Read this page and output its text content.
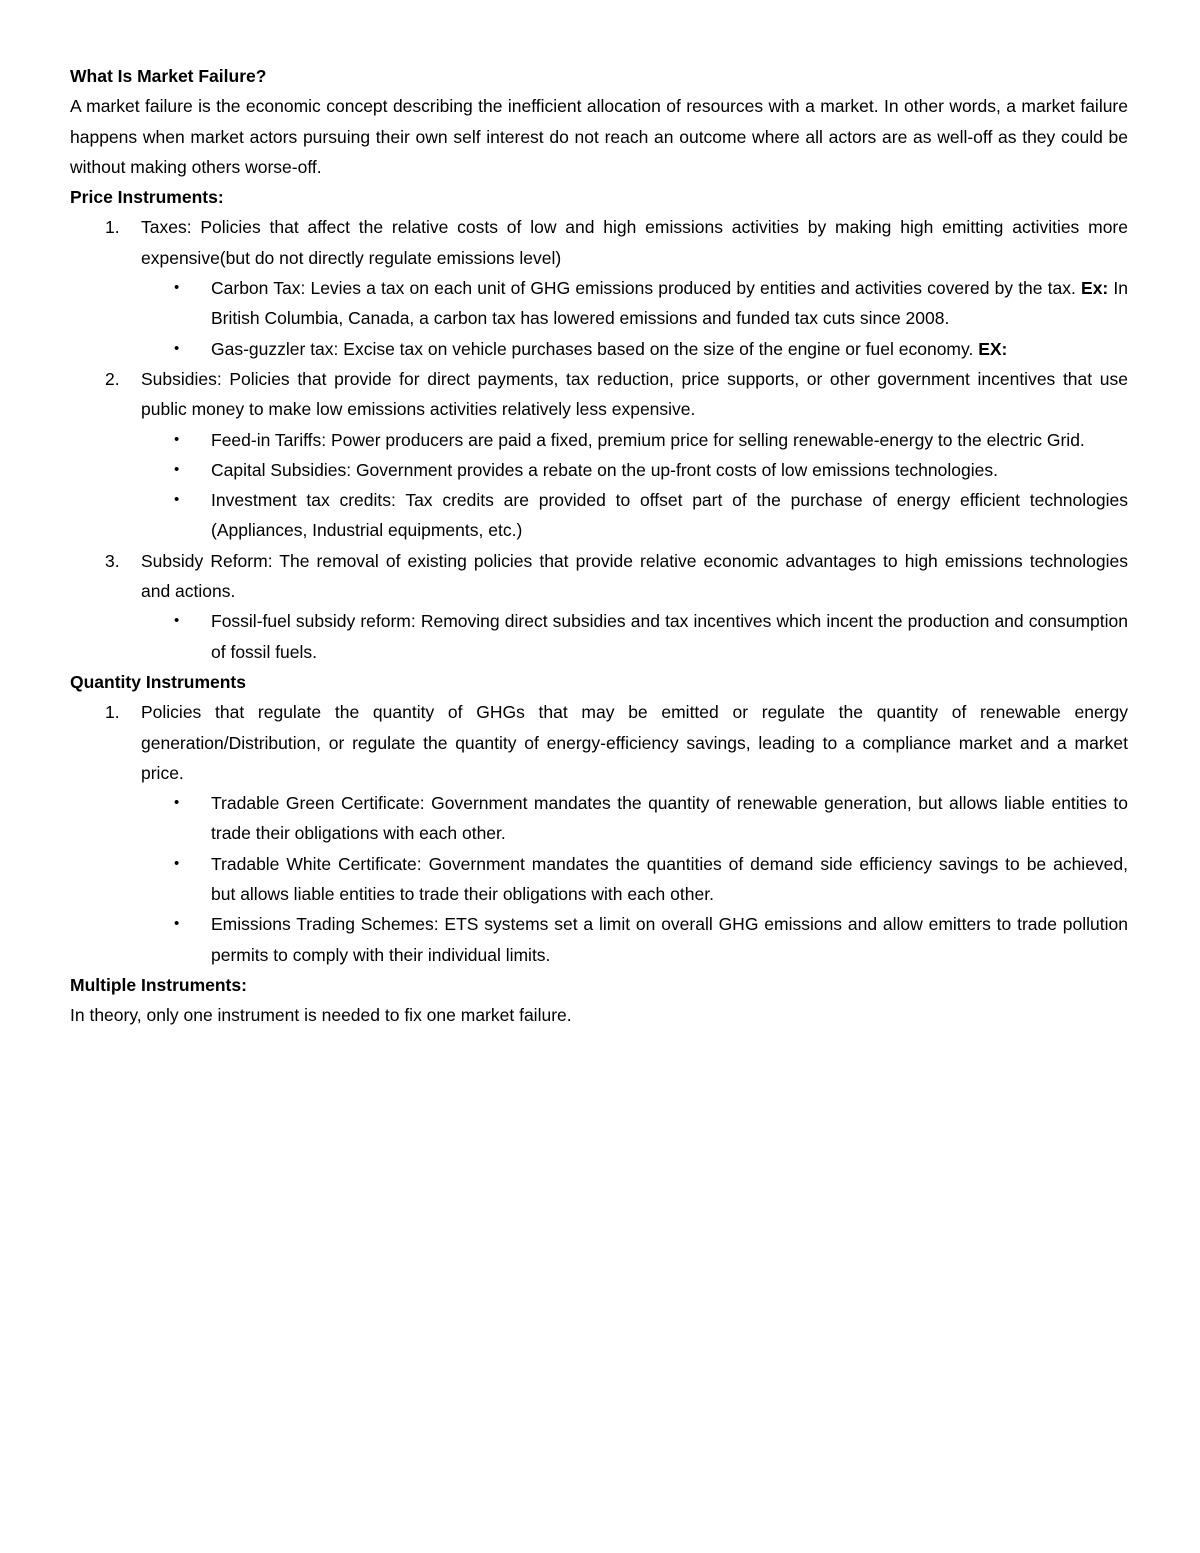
What Is Market Failure?

A market failure is the economic concept describing the inefficient allocation of resources with a market. In other words, a market failure happens when market actors pursuing their own self interest do not reach an outcome where all actors are as well-off as they could be without making others worse-off.

Price Instruments:

1. Taxes: Policies that affect the relative costs of low and high emissions activities by making high emitting activities more expensive(but do not directly regulate emissions level)
• Carbon Tax: Levies a tax on each unit of GHG emissions produced by entities and activities covered by the tax. Ex: In British Columbia, Canada, a carbon tax has lowered emissions and funded tax cuts since 2008.
• Gas-guzzler tax: Excise tax on vehicle purchases based on the size of the engine or fuel economy. EX:
2. Subsidies: Policies that provide for direct payments, tax reduction, price supports, or other government incentives that use public money to make low emissions activities relatively less expensive.
• Feed-in Tariffs: Power producers are paid a fixed, premium price for selling renewable-energy to the electric Grid.
• Capital Subsidies: Government provides a rebate on the up-front costs of low emissions technologies.
• Investment tax credits: Tax credits are provided to offset part of the purchase of energy efficient technologies (Appliances, Industrial equipments, etc.)
3. Subsidy Reform: The removal of existing policies that provide relative economic advantages to high emissions technologies and actions.
• Fossil-fuel subsidy reform: Removing direct subsidies and tax incentives which incent the production and consumption of fossil fuels.

Quantity Instruments

1. Policies that regulate the quantity of GHGs that may be emitted or regulate the quantity of renewable energy generation/Distribution, or regulate the quantity of energy-efficiency savings, leading to a compliance market and a market price.
• Tradable Green Certificate: Government mandates the quantity of renewable generation, but allows liable entities to trade their obligations with each other.
• Tradable White Certificate: Government mandates the quantities of demand side efficiency savings to be achieved, but allows liable entities to trade their obligations with each other.
• Emissions Trading Schemes: ETS systems set a limit on overall GHG emissions and allow emitters to trade pollution permits to comply with their individual limits.

Multiple Instruments:

In theory, only one instrument is needed to fix one market failure.
